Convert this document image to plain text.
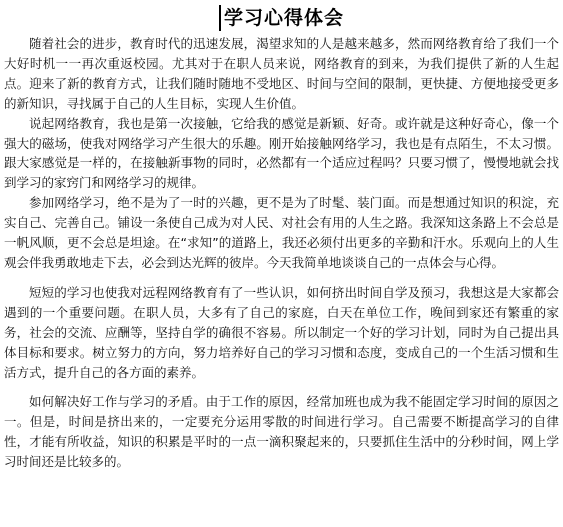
学习心得体会

随着社会的进步，教育时代的迅速发展，渴望求知的人是越来越多，然而网络教育给了我们一个大好时机一一再次重返校园。尤其对于在职人员来说，网络教育的到来，为我们提供了新的人生起点。迎来了新的教育方式，让我们随时随地不受地区、时间与空间的限制，更快捷、方便地接受更多的新知识，寻找属于自己的人生目标，实现人生价值。

说起网络教育，我也是第一次接触，它给我的感觉是新颖、好奇。或许就是这种好奇心，像一个强大的磁场，使我对网络学习产生很大的乐趣。刚开始接触网络学习，我也是有点陌生，不太习惯。跟大家感觉是一样的，在接触新事物的同时，必然都有一个适应过程吗？只要习惯了，慢慢地就会找到学习的家窍门和网络学习的规律。

参加网络学习，绝不是为了一时的兴趣，更不是为了时髦、装门面。而是想通过知识的积淀，充实自己、完善自己。铺设一条使自己成为对人民、对社会有用的人生之路。我深知这条路上不会总是一帆风顺，更不会总是坦途。在“求知”的道路上，我还必须付出更多的辛勤和汗水。乐观向上的人生观会伴我勇敢地走下去，必会到达光辉的彼岸。今天我简单地谈谈自己的一点体会与心得。

短短的学习也使我对远程网络教育有了一些认识，如何挤出时间自学及预习，我想这是大家都会遇到的一个重要问题。在职人员，大多有了自己的家庭，白天在单位工作，晚间到家还有繁重的家务，社会的交流、应酬等，坚持自学的确很不容易。所以制定一个好的学习计划，同时为自己提出具体目标和要求。树立努力的方向，努力培养好自己的学习习惯和态度，变成自己的一个生活习惯和生活方式，提升自己的各方面的素养。

如何解决好工作与学习的矛盾。由于工作的原因，经常加班也成为我不能固定学习时间的原因之一。但是，时间是挤出来的，一定要充分运用零散的时间进行学习。自己需要不断提高学习的自律性，才能有所收益，知识的积累是平时的一点一滴积聚起来的，只要抓住生活中的分秒时间，网上学习时间还是比较多的。
